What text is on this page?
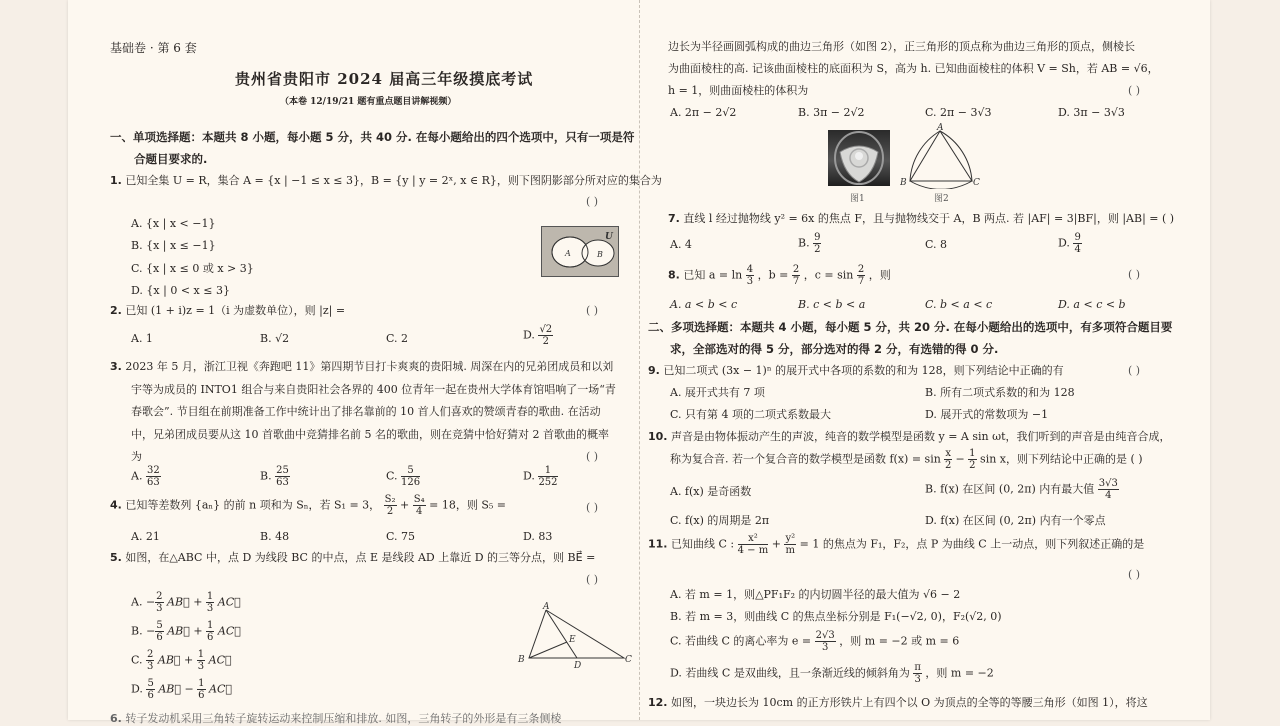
基础卷 · 第 6 套
贵州省贵阳市 2024 届高三年级摸底考试
（本卷 12/19/21 题有重点题目讲解视频）
一、单项选择题：本题共 8 小题，每小题 5 分，共 40 分. 在每小题给出的四个选项中，只有一项是符
合题目要求的.
1. 已知全集 U = R，集合 A = {x | −1 ≤ x ≤ 3}，B = {y | y = 2ˣ, x ∈ R}，则下图阴影部分所对应的集合为
( )
A. {x | x < −1}
B. {x | x ≤ −1}
C. {x | x ≤ 0 或 x > 3}
D. {x | 0 < x ≤ 3}
A	B
U
2. 已知 (1 + i)z = 1（i 为虚数单位），则 |z| =	( )
A. 1	B. √2	C. 2	D. $\frac{√2}{2}$
3. 2023 年 5 月，浙江卫视《奔跑吧 11》第四期节目打卡爽爽的贵阳城. 周深在内的兄弟团成员和以刘
宇等为成员的 INTO1 组合与来自贵阳社会各界的 400 位青年一起在贵州大学体育馆唱响了一场“青
春歌会”. 节目组在前期准备工作中统计出了排名靠前的 10 首人们喜欢的赞颂青春的歌曲. 在活动
中，兄弟团成员要从这 10 首歌曲中竞猜排名前 5 名的歌曲，则在竞猜中恰好猜对 2 首歌曲的概率
为	( )
A. $\frac{32}{63}$	B. $\frac{25}{63}$	C. $\frac{5}{126}$	D. $\frac{1}{252}$
4. 已知等差数列 {aₙ} 的前 n 项和为 Sₙ，若 S₁ = 3， $\frac{\text{S₂}}{2} + \frac{\text{S₄}}{4} = 18$，则 S₅ =	( )
A. 21	B. 48	C. 75	D. 83
5. 如图，在△ABC 中，点 D 为线段 BC 的中点，点 E 是线段 AD 上靠近 D 的三等分点，则 BE⃗ =
( )
A. − $\frac{2}{3}$ AB⃗ + $\frac{1}{3}$ AC⃗
B. − $\frac{5}{6}$ AB⃗ + $\frac{1}{6}$ AC⃗
C. $\frac{2}{3}$ AB⃗ + $\frac{1}{3}$ AC⃗
D. $\frac{5}{6}$ AB⃗ − $\frac{1}{6}$ AC⃗
A
B	C
D
E
6. 转子发动机采用三角转子旋转运动来控制压缩和排放. 如图，三角转子的外形是有三条侧棱
边长为半径画圆弧构成的曲边三角形（如图 2），正三角形的顶点称为曲边三角形的顶点，侧棱长
为曲面棱柱的高. 记该曲面棱柱的底面积为 S，高为 h. 已知曲面棱柱的体积 V = Sh，若 AB = √6，
h = 1，则曲面棱柱的体积为	( )
A. 2π − 2√2	B. 3π − 2√2	C. 2π − 3√3	D. 3π − 3√3
图1
A
B	C
图2
7. 直线 l 经过抛物线 y² = 6x 的焦点 F，且与抛物线交于 A，B 两点. 若 |AF| = 3|BF|，则 |AB| = ( )
A. 4	B. $\frac{9}{2}$	C. 8	D. $\frac{9}{4}$
8. 已知 $a = \ln \frac{4}{3}$ ，$b = \frac{2}{7}$ ，$c = \sin \frac{2}{7}$ ，则	( )
A. a < b < c	B. c < b < a	C. b < a < c	D. a < c < b
二、多项选择题：本题共 4 小题，每小题 5 分，共 20 分. 在每小题给出的选项中，有多项符合题目要
求，全部选对的得 5 分，部分选对的得 2 分，有选错的得 0 分.
9. 已知二项式 (3x − 1)ⁿ 的展开式中各项的系数的和为 128，则下列结论中正确的有	( )
A. 展开式共有 7 项	B. 所有二项式系数的和为 128
C. 只有第 4 项的二项式系数最大	D. 展开式的常数项为 −1
10. 声音是由物体振动产生的声波，纯音的数学模型是函数 y = A sin ωt，我们听到的声音是由纯音合成，
称为复合音. 若一个复合音的数学模型是函数 $f(x) = \sin \frac{x}{2} - \frac{1}{2}$ sin x，则下列结论中正确的是 ( )
A. f(x) 是奇函数	B. f(x) 在区间 (0, 2π) 内有最大值 $\frac{3√3}{4}$
C. f(x) 的周期是 2π	D. f(x) 在区间 (0, 2π) 内有一个零点
11. 已知曲线 C : $\frac{\text{x²}}{4 - m} + \frac{\text{y²}}{m} = 1$ 的焦点为 F₁，F₂，点 P 为曲线 C 上一动点，则下列叙述正确的是
( )
A. 若 m = 1，则△PF₁F₂ 的内切圆半径的最大值为 √6 − 2
B. 若 m = 3，则曲线 C 的焦点坐标分别是 F₁(−√2, 0)，F₂(√2, 0)
C. 若曲线 C 的离心率为 $e = \frac{2√3}{3}$ ，则 m = −2 或 m = 6
D. 若曲线 C 是双曲线，且一条渐近线的倾斜角为 $\frac{\pi}{3}$ ，则 m = −2
12. 如图，一块边长为 10cm 的正方形铁片上有四个以 O 为顶点的全等的等腰三角形（如图 1），将这
